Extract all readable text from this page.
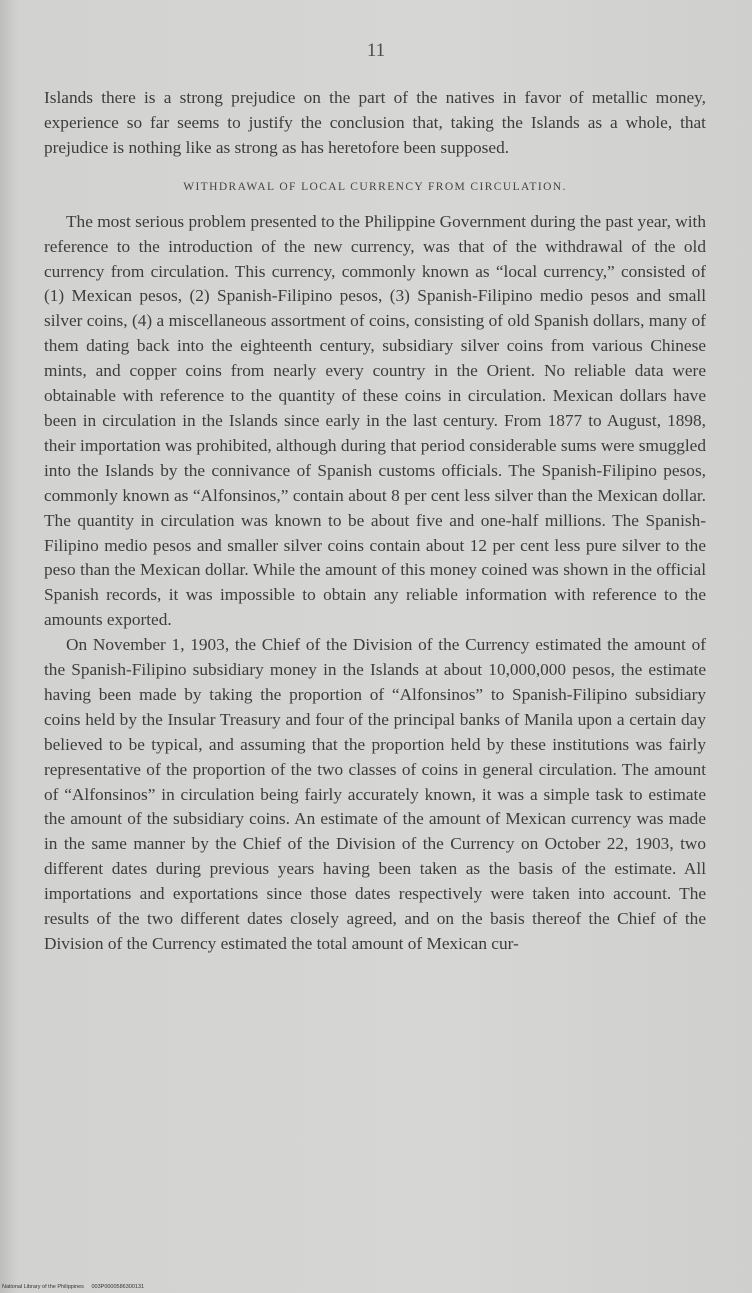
11

Islands there is a strong prejudice on the part of the natives in favor of metallic money, experience so far seems to justify the conclusion that, taking the Islands as a whole, that prejudice is nothing like as strong as has heretofore been supposed.

WITHDRAWAL OF LOCAL CURRENCY FROM CIRCULATION.

The most serious problem presented to the Philippine Government during the past year, with reference to the introduction of the new currency, was that of the withdrawal of the old currency from circulation. This currency, commonly known as “local currency,” consisted of (1) Mexican pesos, (2) Spanish-Filipino pesos, (3) Spanish-Filipino medio pesos and small silver coins, (4) a miscellaneous assortment of coins, consisting of old Spanish dollars, many of them dating back into the eighteenth century, subsidiary silver coins from various Chinese mints, and copper coins from nearly every country in the Orient. No reliable data were obtainable with reference to the quantity of these coins in circulation. Mexican dollars have been in circulation in the Islands since early in the last century. From 1877 to August, 1898, their importation was prohibited, although during that period considerable sums were smuggled into the Islands by the connivance of Spanish customs officials. The Spanish-Filipino pesos, commonly known as “Alfonsinos,” contain about 8 per cent less silver than the Mexican dollar. The quantity in circulation was known to be about five and one-half millions. The Spanish-Filipino medio pesos and smaller silver coins contain about 12 per cent less pure silver to the peso than the Mexican dollar. While the amount of this money coined was shown in the official Spanish records, it was impossible to obtain any reliable information with reference to the amounts exported.

On November 1, 1903, the Chief of the Division of the Currency estimated the amount of the Spanish-Filipino subsidiary money in the Islands at about 10,000,000 pesos, the estimate having been made by taking the proportion of “Alfonsinos” to Spanish-Filipino subsidiary coins held by the Insular Treasury and four of the principal banks of Manila upon a certain day believed to be typical, and assuming that the proportion held by these institutions was fairly representative of the proportion of the two classes of coins in general circulation. The amount of “Alfonsinos” in circulation being fairly accurately known, it was a simple task to estimate the amount of the subsidiary coins. An estimate of the amount of Mexican currency was made in the same manner by the Chief of the Division of the Currency on October 22, 1903, two different dates during previous years having been taken as the basis of the estimate. All importations and exportations since those dates respectively were taken into account. The results of the two different dates closely agreed, and on the basis thereof the Chief of the Division of the Currency estimated the total amount of Mexican cur-

National Library of the Philippines 003P0000586300131
